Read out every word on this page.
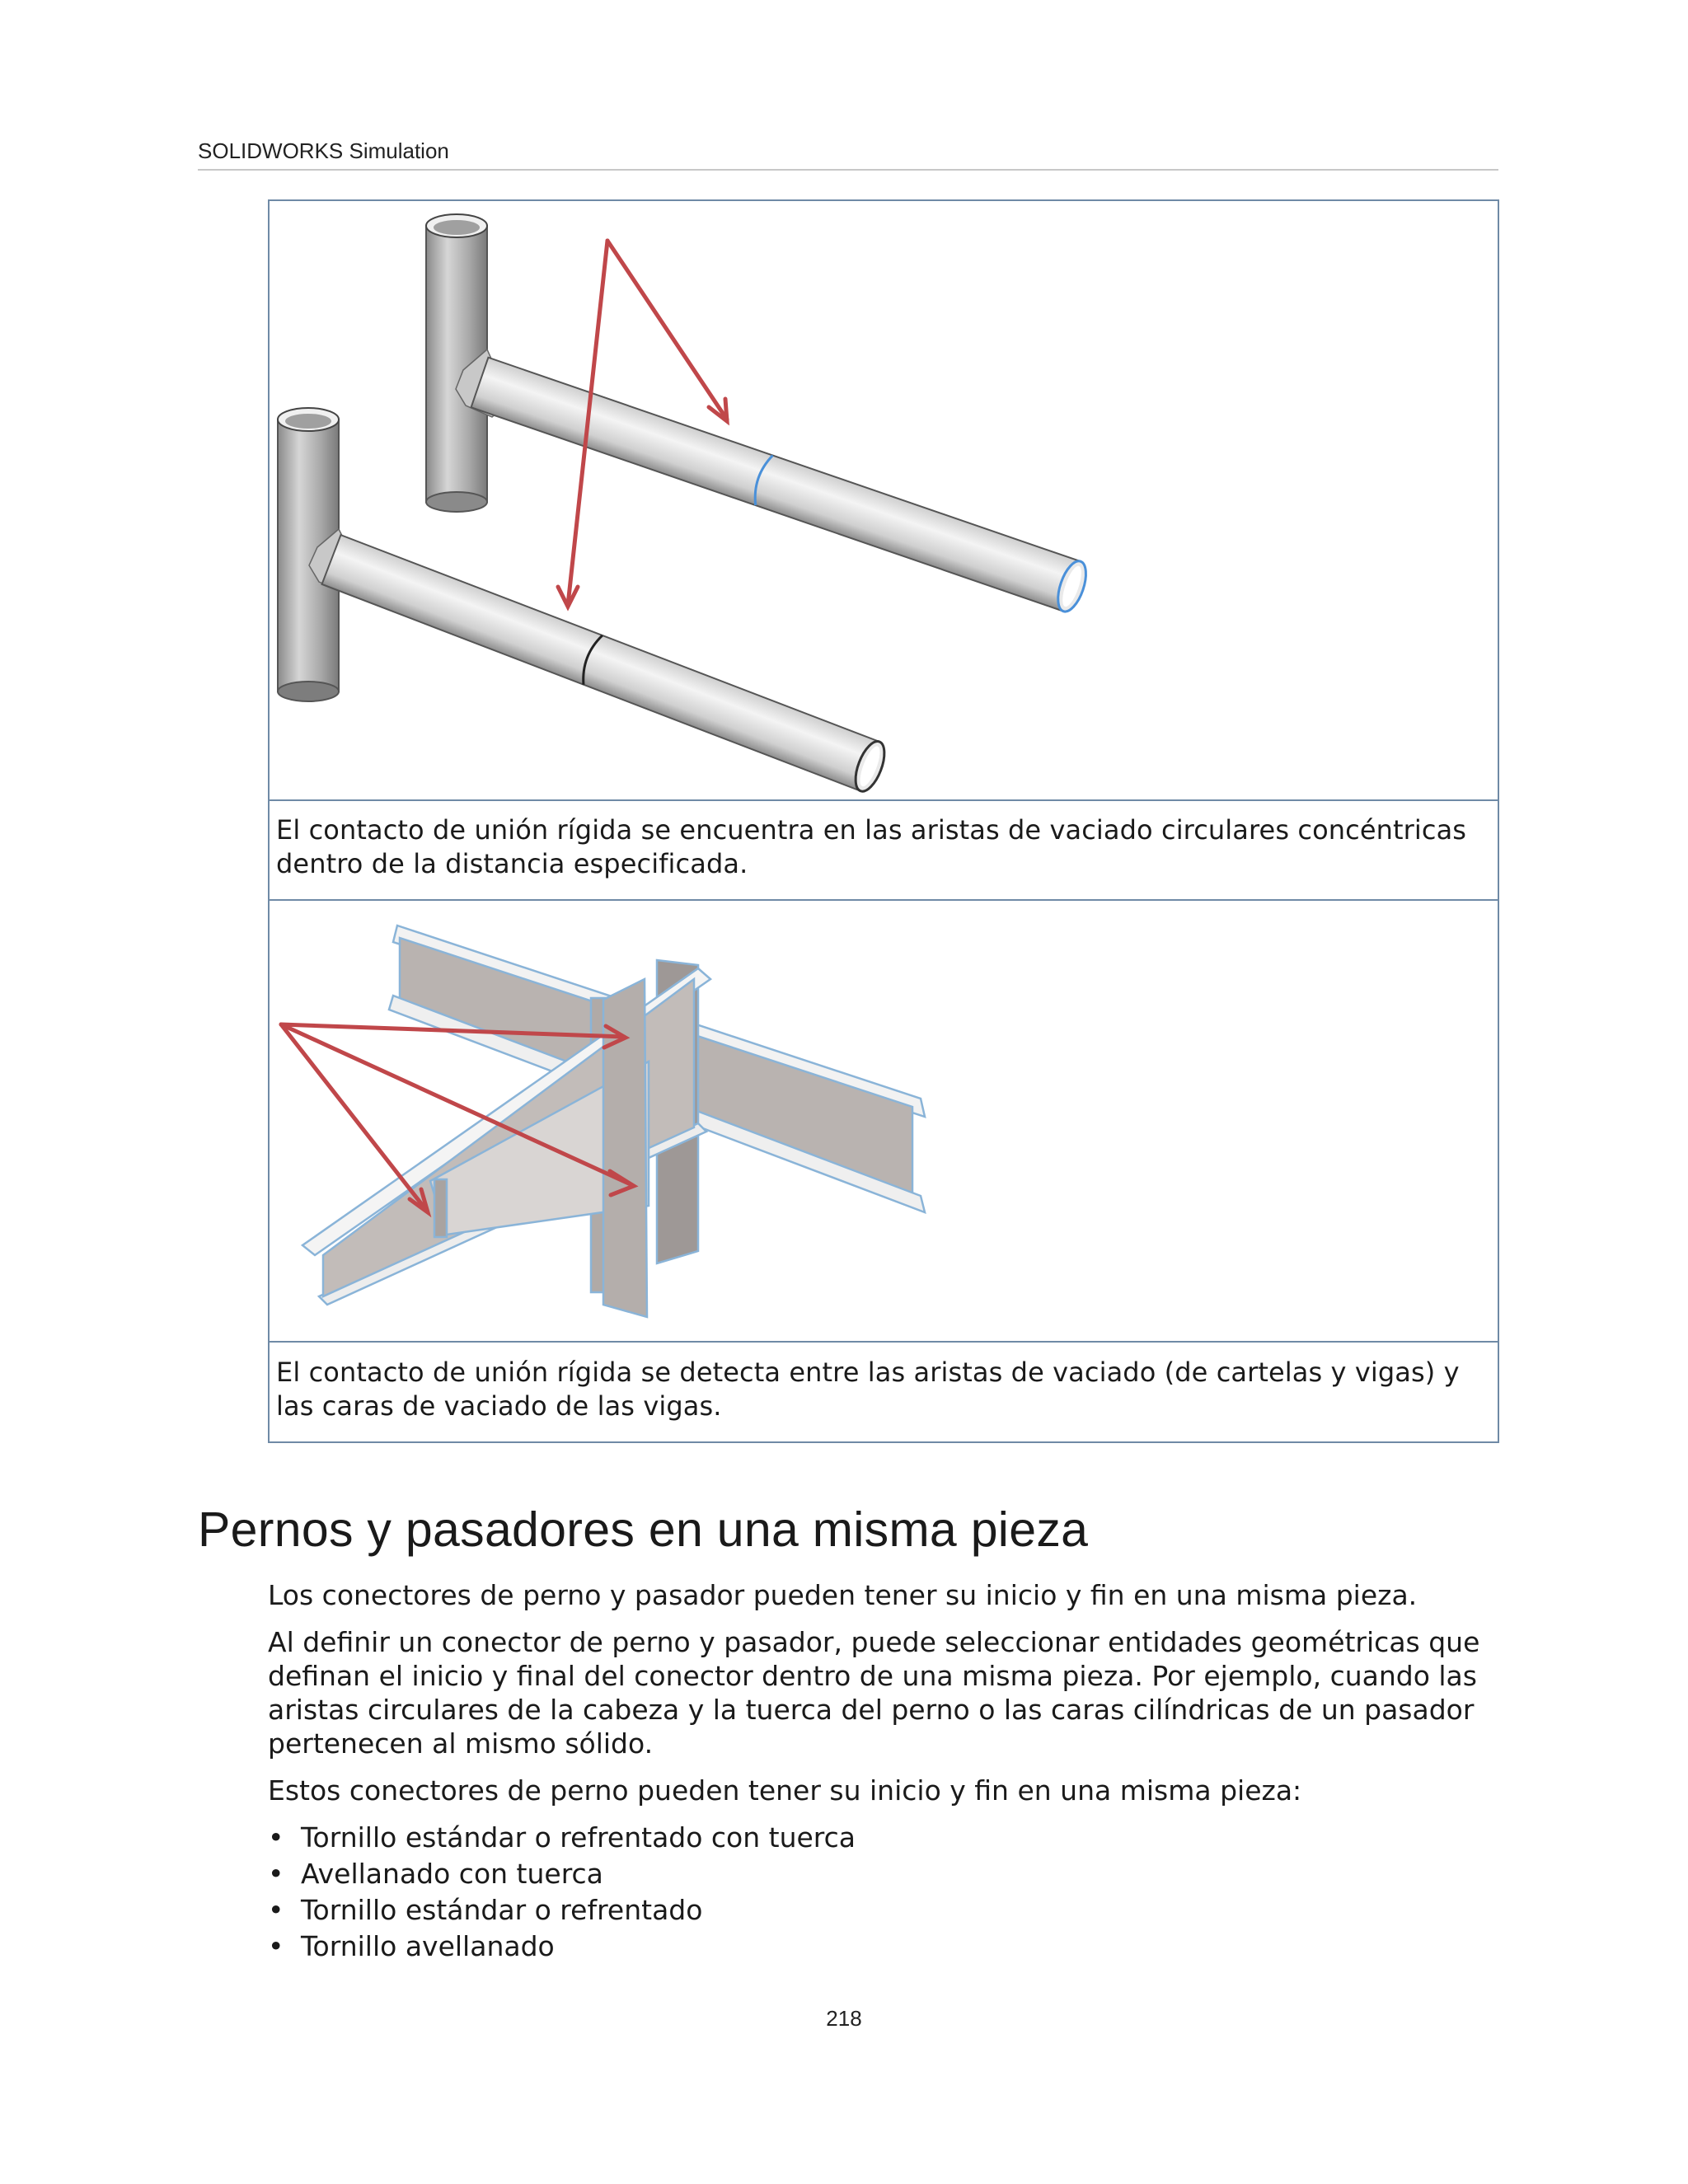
SOLIDWORKS Simulation
El contacto de unión rígida se encuentra en las aristas de vaciado circulares concéntricas dentro de la distancia especificada.
El contacto de unión rígida se detecta entre las aristas de vaciado (de cartelas y vigas) y las caras de vaciado de las vigas.
Pernos y pasadores en una misma pieza

Los conectores de perno y pasador pueden tener su inicio y fin en una misma pieza.

Al definir un conector de perno y pasador, puede seleccionar entidades geométricas que definan el inicio y final del conector dentro de una misma pieza. Por ejemplo, cuando las aristas circulares de la cabeza y la tuerca del perno o las caras cilíndricas de un pasador pertenecen al mismo sólido.

Estos conectores de perno pueden tener su inicio y fin en una misma pieza:

• Tornillo estándar o refrentado con tuerca
• Avellanado con tuerca
• Tornillo estándar o refrentado
• Tornillo avellanado
218
